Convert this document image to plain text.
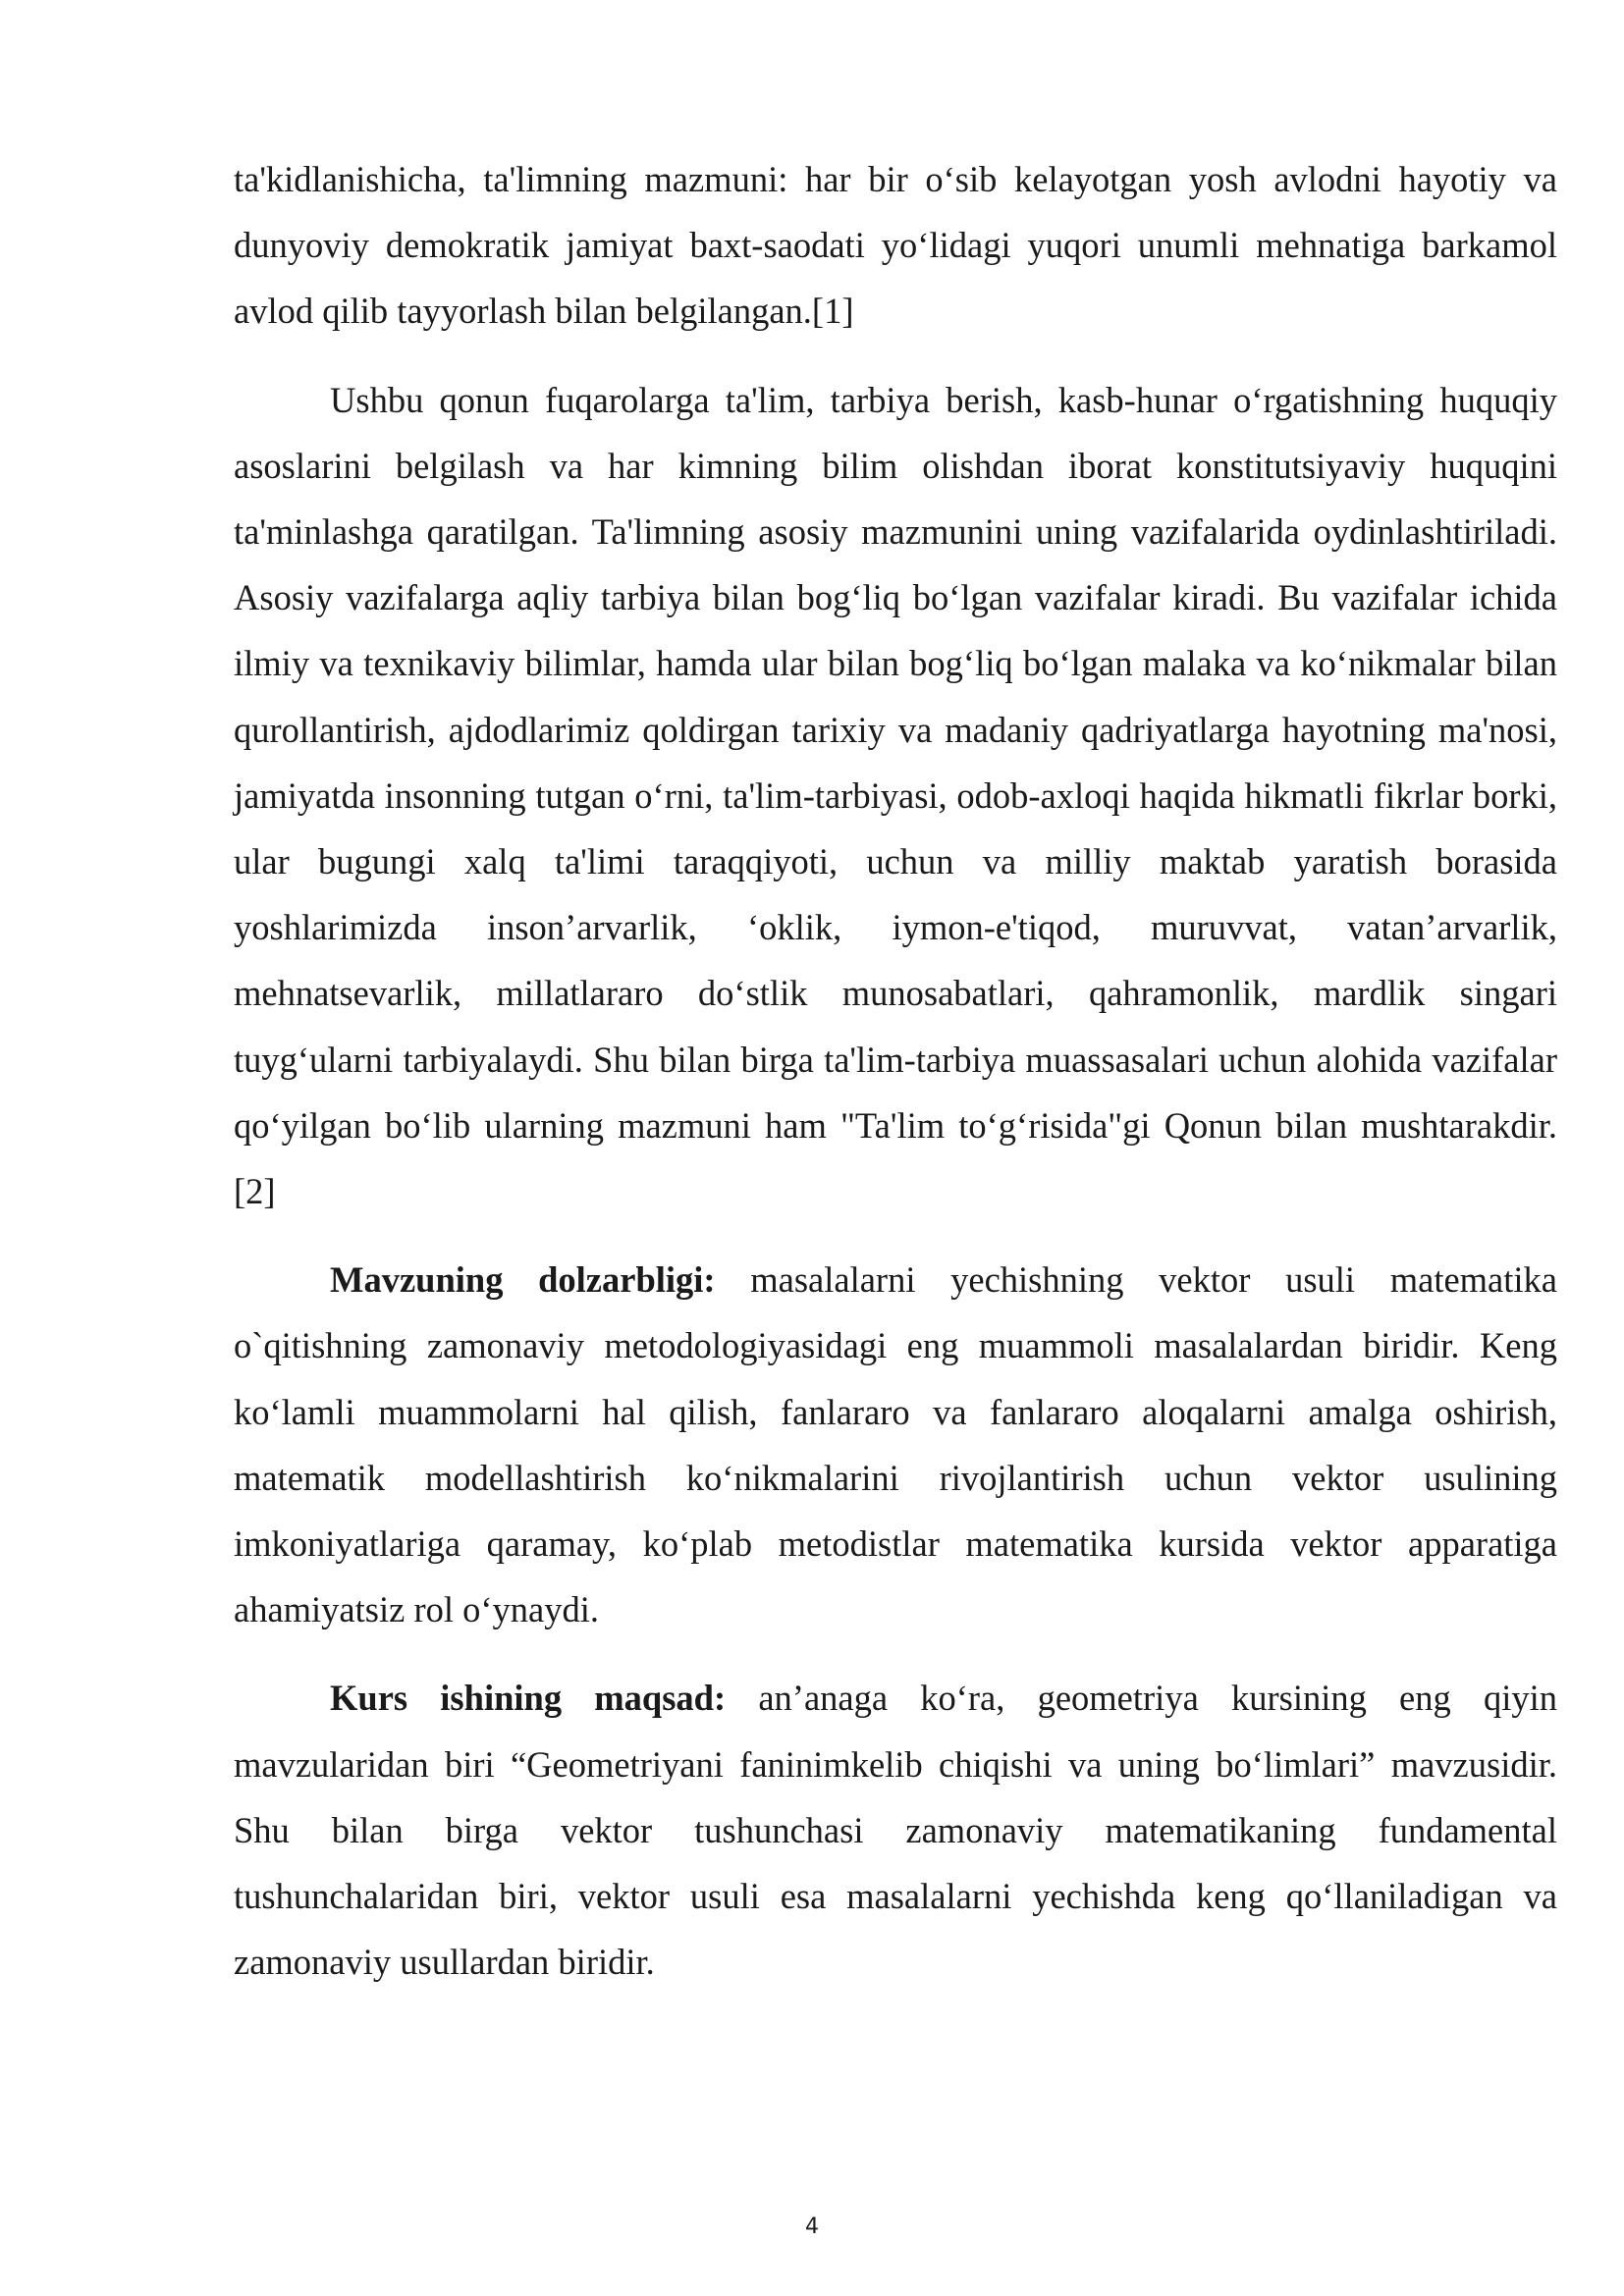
ta'kidlanishicha, ta'limning mazmuni: har bir o‘sib kelayotgan yosh avlodni hayotiy va dunyoviy demokratik jamiyat baxt-saodati yo‘lidagi yuqori unumli mehnatiga barkamol avlod qilib tayyorlash bilan belgilangan.[1]

Ushbu qonun fuqarolarga ta'lim, tarbiya berish, kasb-hunar o‘rgatishning huquqiy asoslarini belgilash va har kimning bilim olishdan iborat konstitutsiyaviy huquqini ta'minlashga qaratilgan. Ta'limning asosiy mazmunini uning vazifalarida oydinlashtiriladi. Asosiy vazifalarga aqliy tarbiya bilan bog‘liq bo‘lgan vazifalar kiradi. Bu vazifalar ichida ilmiy va texnikaviy bilimlar, hamda ular bilan bog‘liq bo‘lgan malaka va ko‘nikmalar bilan qurollantirish, ajdodlarimiz qoldirgan tarixiy va madaniy qadriyatlarga hayotning ma'nosi, jamiyatda insonning tutgan o‘rni, ta'lim-tarbiyasi, odob-axloqi haqida hikmatli fikrlar borki, ular bugungi xalq ta'limi taraqqiyoti, uchun va milliy maktab yaratish borasida yoshlarimizda inson’arvarlik, ‘oklik, iymon-e'tiqod, muruvvat, vatan’arvarlik, mehnatsevarlik, millatlararo do‘stlik munosabatlari, qahramonlik, mardlik singari tuyg‘ularni tarbiyalaydi. Shu bilan birga ta'lim-tarbiya muassasalari uchun alohida vazifalar qo‘yilgan bo‘lib ularning mazmuni ham "Ta'lim to‘g‘risida"gi Qonun bilan mushtarakdir. [2]

Mavzuning dolzarbligi: masalalarni yechishning vektor usuli matematika o`qitishning zamonaviy metodologiyasidagi eng muammoli masalalardan biridir. Keng ko‘lamli muammolarni hal qilish, fanlararo va fanlararo aloqalarni amalga oshirish, matematik modellashtirish ko‘nikmalarini rivojlantirish uchun vektor usulining imkoniyatlariga qaramay, ko‘plab metodistlar matematika kursida vektor apparatiga ahamiyatsiz rol o‘ynaydi.

Kurs ishining maqsad: an’anaga ko‘ra, geometriya kursining eng qiyin mavzularidan biri “Geometriyani faninimkelib chiqishi va uning bo‘limlari” mavzusidir. Shu bilan birga vektor tushunchasi zamonaviy matematikaning fundamental tushunchalaridan biri, vektor usuli esa masalalarni yechishda keng qo‘llaniladigan va zamonaviy usullardan biridir.

4
